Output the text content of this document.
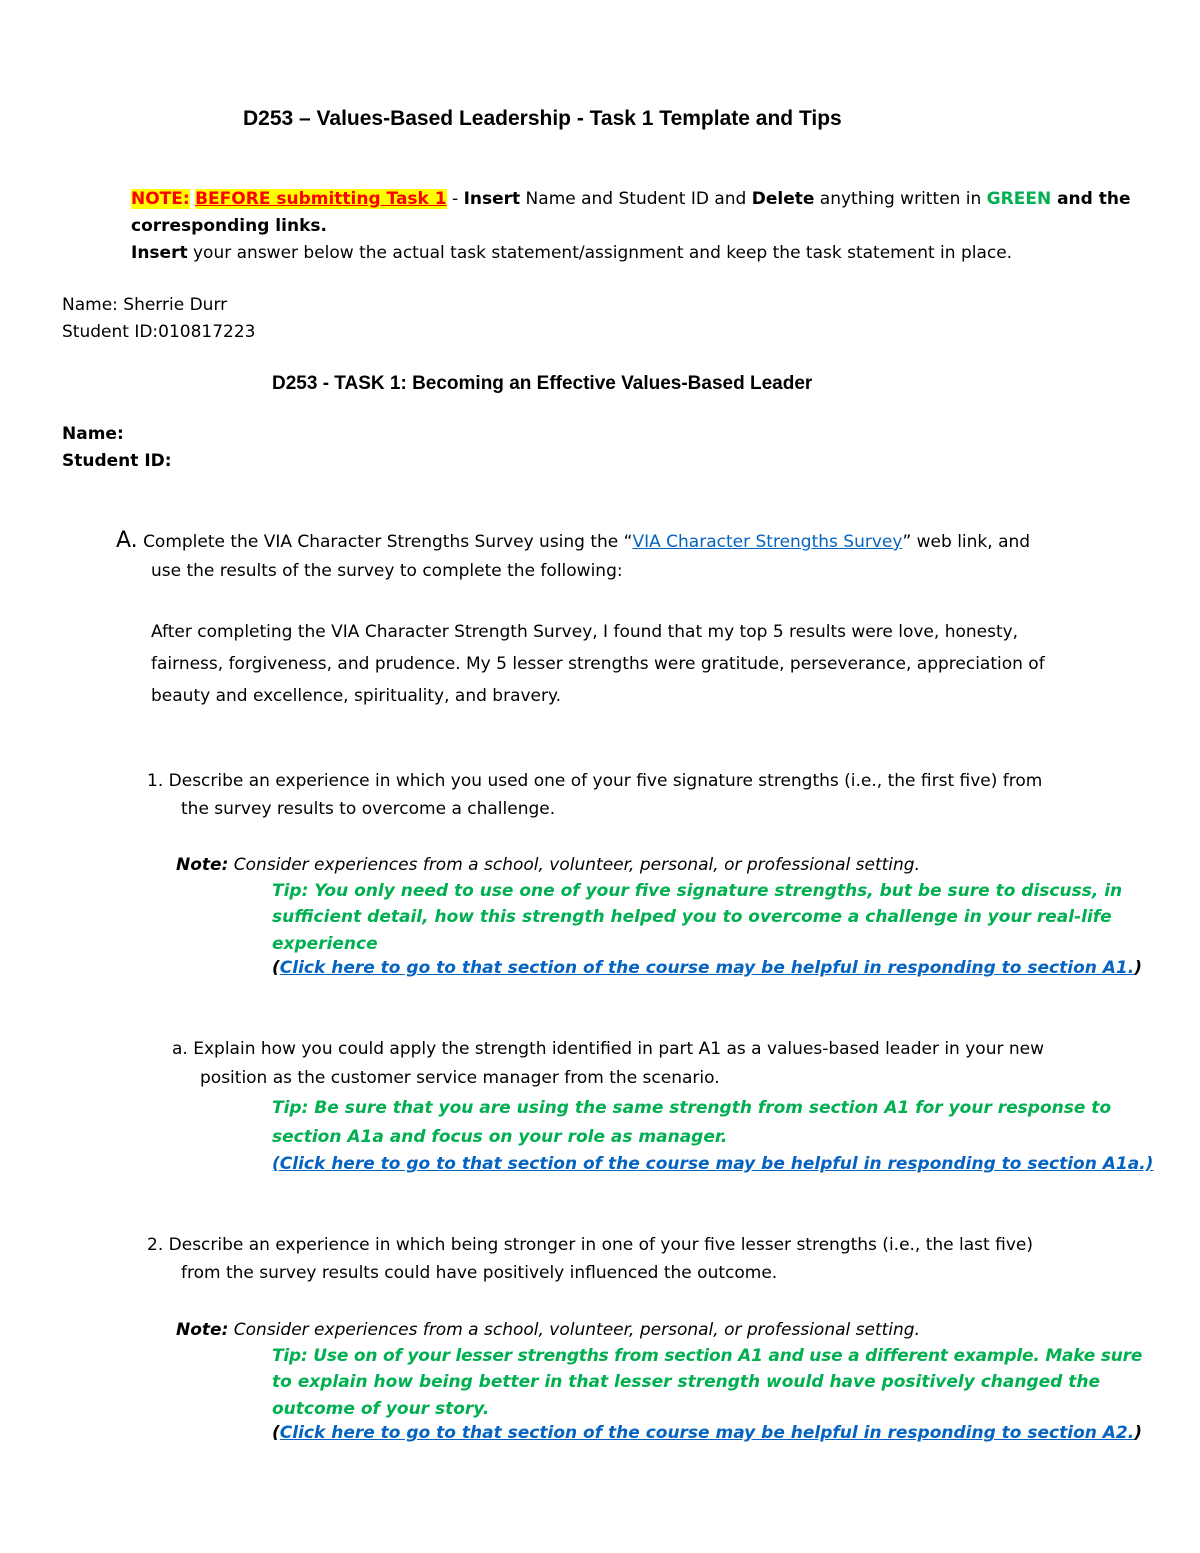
D253 – Values-Based Leadership - Task 1 Template and Tips
NOTE: BEFORE submitting Task 1 - Insert Name and Student ID and Delete anything written in GREEN and the
corresponding links.
Insert your answer below the actual task statement/assignment and keep the task statement in place.
Name: Sherrie Durr
Student ID:010817223
D253 - TASK 1: Becoming an Effective Values-Based Leader
Name:
Student ID:
A. Complete the VIA Character Strengths Survey using the “VIA Character Strengths Survey” web link, and
use the results of the survey to complete the following:
After completing the VIA Character Strength Survey, I found that my top 5 results were love, honesty,
fairness, forgiveness, and prudence. My 5 lesser strengths were gratitude, perseverance, appreciation of
beauty and excellence, spirituality, and bravery.
1. Describe an experience in which you used one of your five signature strengths (i.e., the first five) from
the survey results to overcome a challenge.
Note: Consider experiences from a school, volunteer, personal, or professional setting.
Tip: You only need to use one of your five signature strengths, but be sure to discuss, in
sufficient detail, how this strength helped you to overcome a challenge in your real-life
experience
(Click here to go to that section of the course may be helpful in responding to section A1.)
a. Explain how you could apply the strength identified in part A1 as a values-based leader in your new
position as the customer service manager from the scenario.
Tip: Be sure that you are using the same strength from section A1 for your response to
section A1a and focus on your role as manager.
(Click here to go to that section of the course may be helpful in responding to section A1a.)
2. Describe an experience in which being stronger in one of your five lesser strengths (i.e., the last five)
from the survey results could have positively influenced the outcome.
Note: Consider experiences from a school, volunteer, personal, or professional setting.
Tip: Use on of your lesser strengths from section A1 and use a different example. Make sure
to explain how being better in that lesser strength would have positively changed the
outcome of your story.
(Click here to go to that section of the course may be helpful in responding to section A2.)
